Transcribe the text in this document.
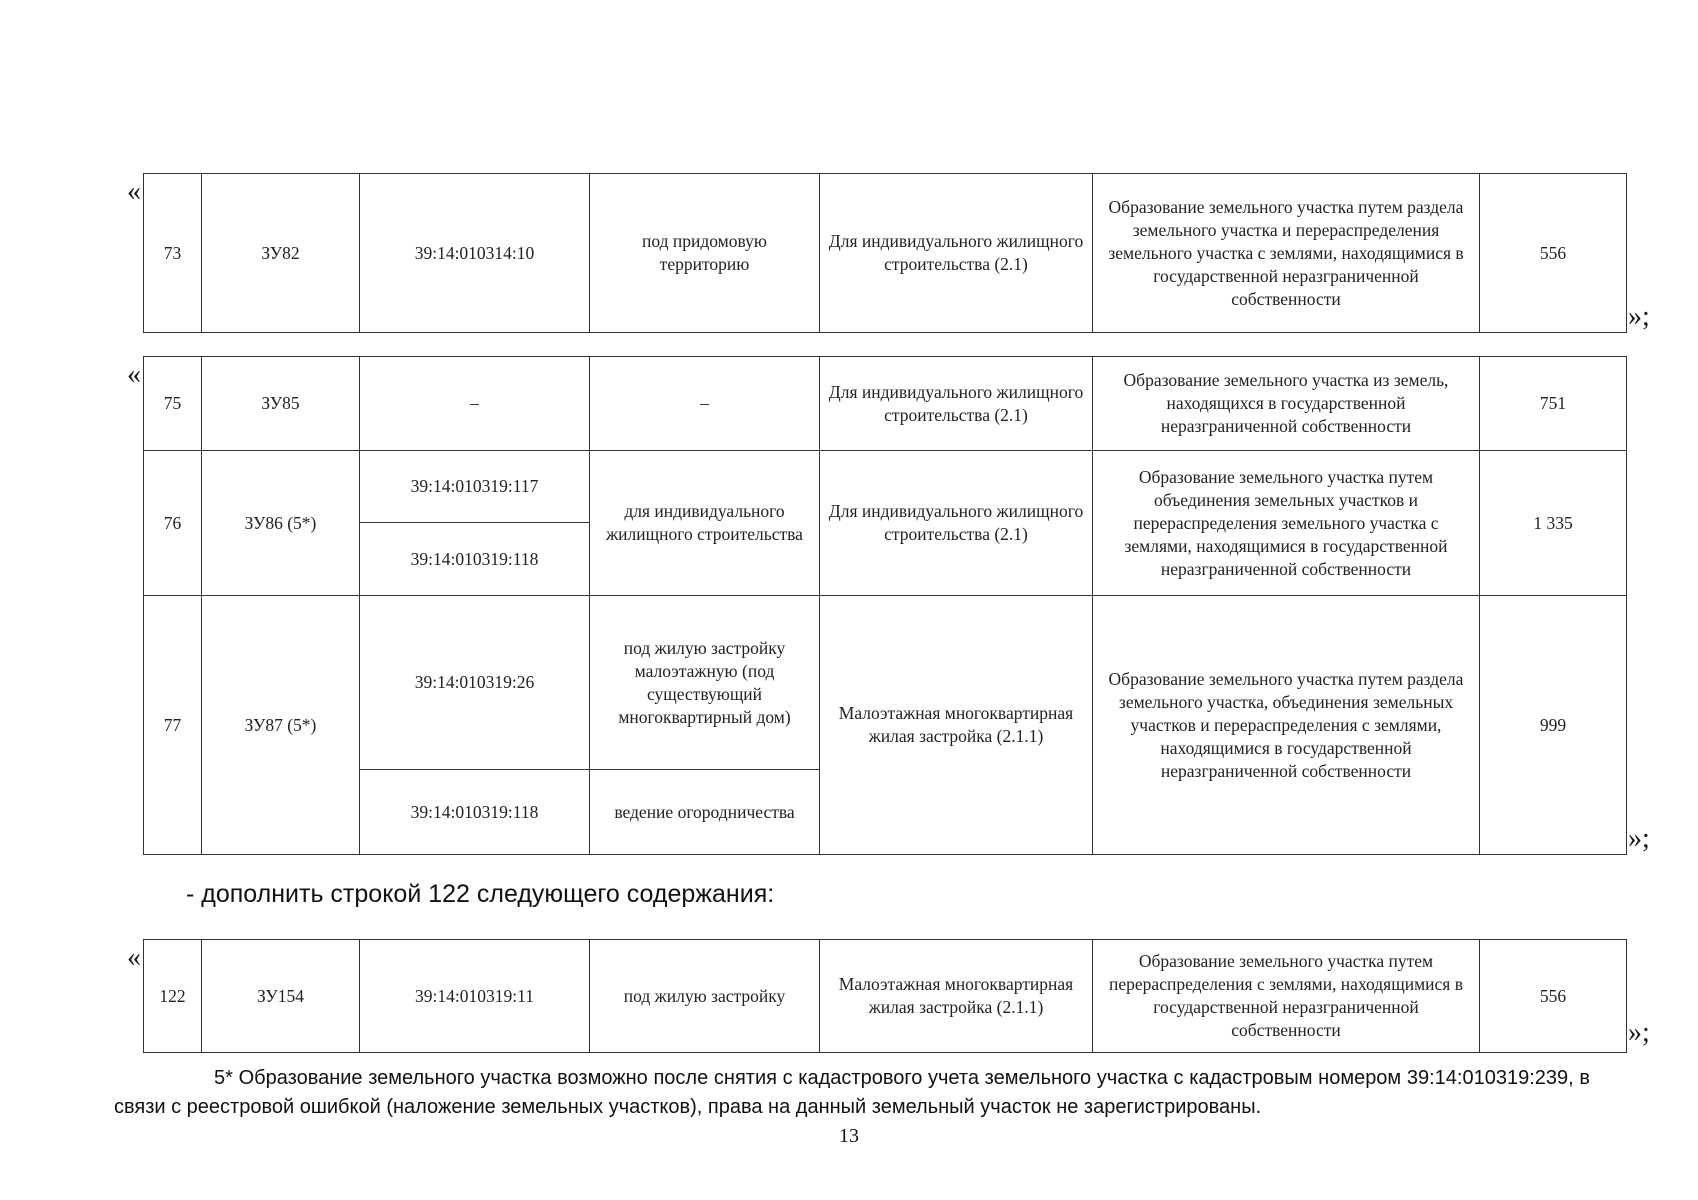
«
73	ЗУ82	39:14:010314:10	под придомовую территорию	Для индивидуального жилищного строительства (2.1)	Образование земельного участка путем раздела земельного участка и перераспределения земельного участка с землями, находящимися в государственной неразграниченной собственности	556
»;
«
75	ЗУ85	–	–	Для индивидуального жилищного строительства (2.1)	Образование земельного участка из земель, находящихся в государственной неразграниченной собственности	751
76	ЗУ86 (5*)	39:14:010319:117	для индивидуального жилищного строительства	Для индивидуального жилищного строительства (2.1)	Образование земельного участка путем объединения земельных участков и перераспределения земельного участка с землями, находящимися в государственной неразграниченной собственности	1 335
		39:14:010319:118				
77	ЗУ87 (5*)	39:14:010319:26	под жилую застройку малоэтажную (под существующий многоквартирный дом)	Малоэтажная многоквартирная жилая застройка (2.1.1)	Образование земельного участка путем раздела земельного участка, объединения земельных участков и перераспределения с землями, находящимися в государственной неразграниченной собственности	999
		39:14:010319:118	ведение огородничества			
»;
- дополнить строкой 122 следующего содержания:
«
122	ЗУ154	39:14:010319:11	под жилую застройку	Малоэтажная многоквартирная жилая застройка (2.1.1)	Образование земельного участка путем перераспределения с землями, находящимися в государственной неразграниченной собственности	556
»;
5* Образование земельного участка возможно после снятия с кадастрового учета земельного участка с кадастровым номером 39:14:010319:239, в связи с реестровой ошибкой (наложение земельных участков), права на данный земельный участок не зарегистрированы.
13
